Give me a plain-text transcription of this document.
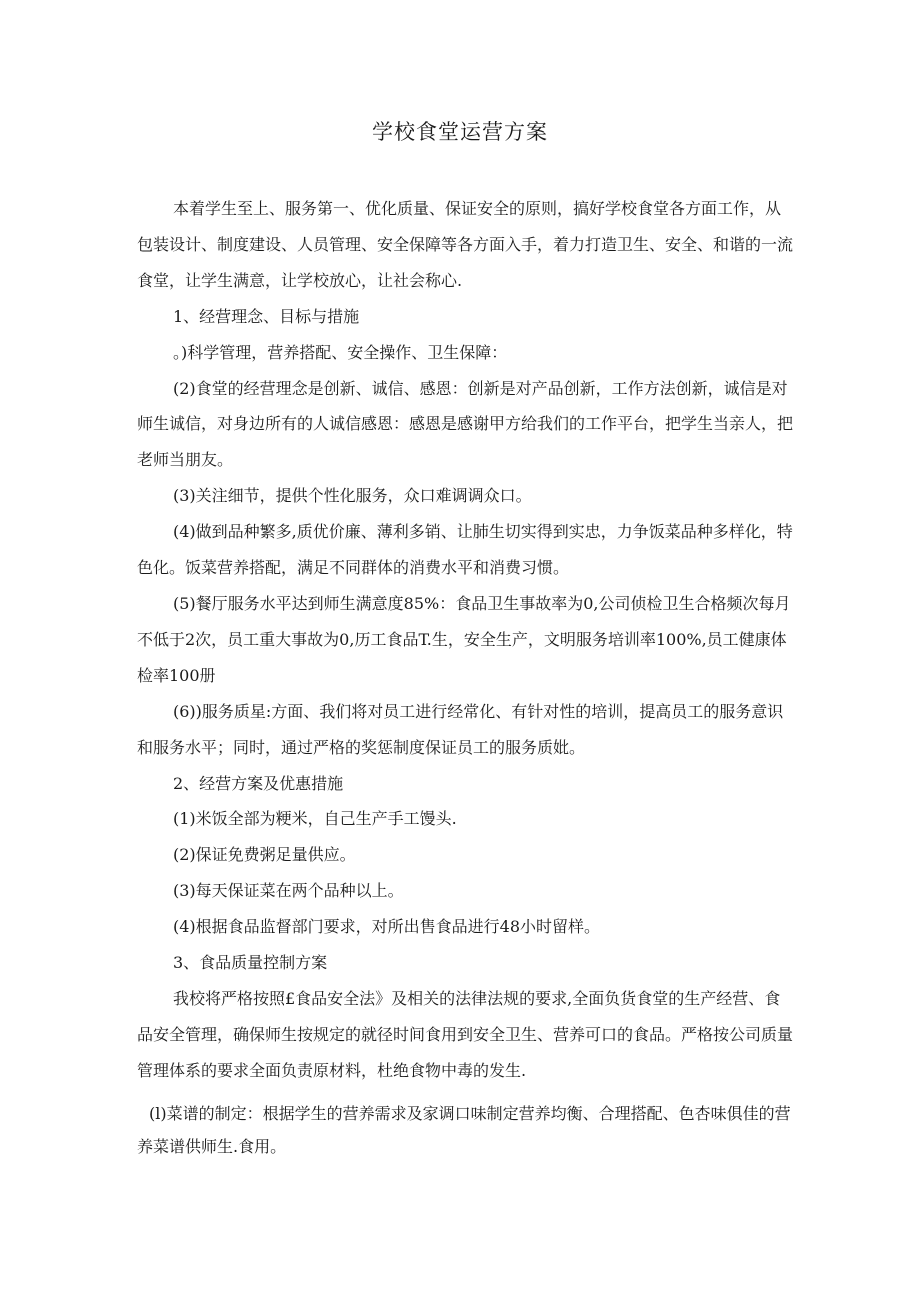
学校食堂运营方案

本着学生至上、服务第一、优化质量、保证安全的原则，搞好学校食堂各方面工作，从包装设计、制度建设、人员管理、安全保障等各方面入手，着力打造卫生、安全、和谐的一流食堂，让学生满意，让学校放心，让社会称心.

1、经营理念、目标与措施

。)科学管理，营养搭配、安全操作、卫生保障：

(2)食堂的经营理念是创新、诚信、感恩：创新是对产品创新，工作方法创新，诚信是对师生诚信，对身边所有的人诚信感恩：感恩是感谢甲方给我们的工作平台，把学生当亲人，把老师当朋友。

(3)关注细节，提供个性化服务，众口难调调众口。

(4)做到品种繁多,质优价廉、薄利多销、让肺生切实得到实忠，力争饭菜品种多样化，特色化。饭菜营养搭配，满足不同群体的消费水平和消费习惯。

(5)餐厅服务水平达到师生满意度85%：食品卫生事故率为0,公司侦检卫生合格频次每月不低于2次，员工重大事故为0,历工食品T.生，安全生产，文明服务培训率100%,员工健康体检率100册

(6))服务质星:方面、我们将对员工进行经常化、有针对性的培训，提高员工的服务意识和服务水平；同时，通过严格的奖惩制度保证员工的服务质妣。

2、经营方案及优惠措施

(1)米饭全部为粳米，自己生产手工馒头.

(2)保证免费粥足量供应。

(3)每天保证菜在两个品种以上。

(4)根据食品监督部门要求，对所出售食品进行48小时留样。

3、食品质量控制方案

我校将严格按照£食品安全法》及相关的法律法规的要求,全面负货食堂的生产经营、食品安全管理，确保师生按规定的就径时间食用到安全卫生、营养可口的食品。严格按公司质量管理体系的要求全面负责原材料，杜绝食物中毒的发生.

(l)菜谱的制定：根据学生的营养需求及家调口味制定营养均衡、合理搭配、色杏味俱佳的营养菜谱供师生.食用。
